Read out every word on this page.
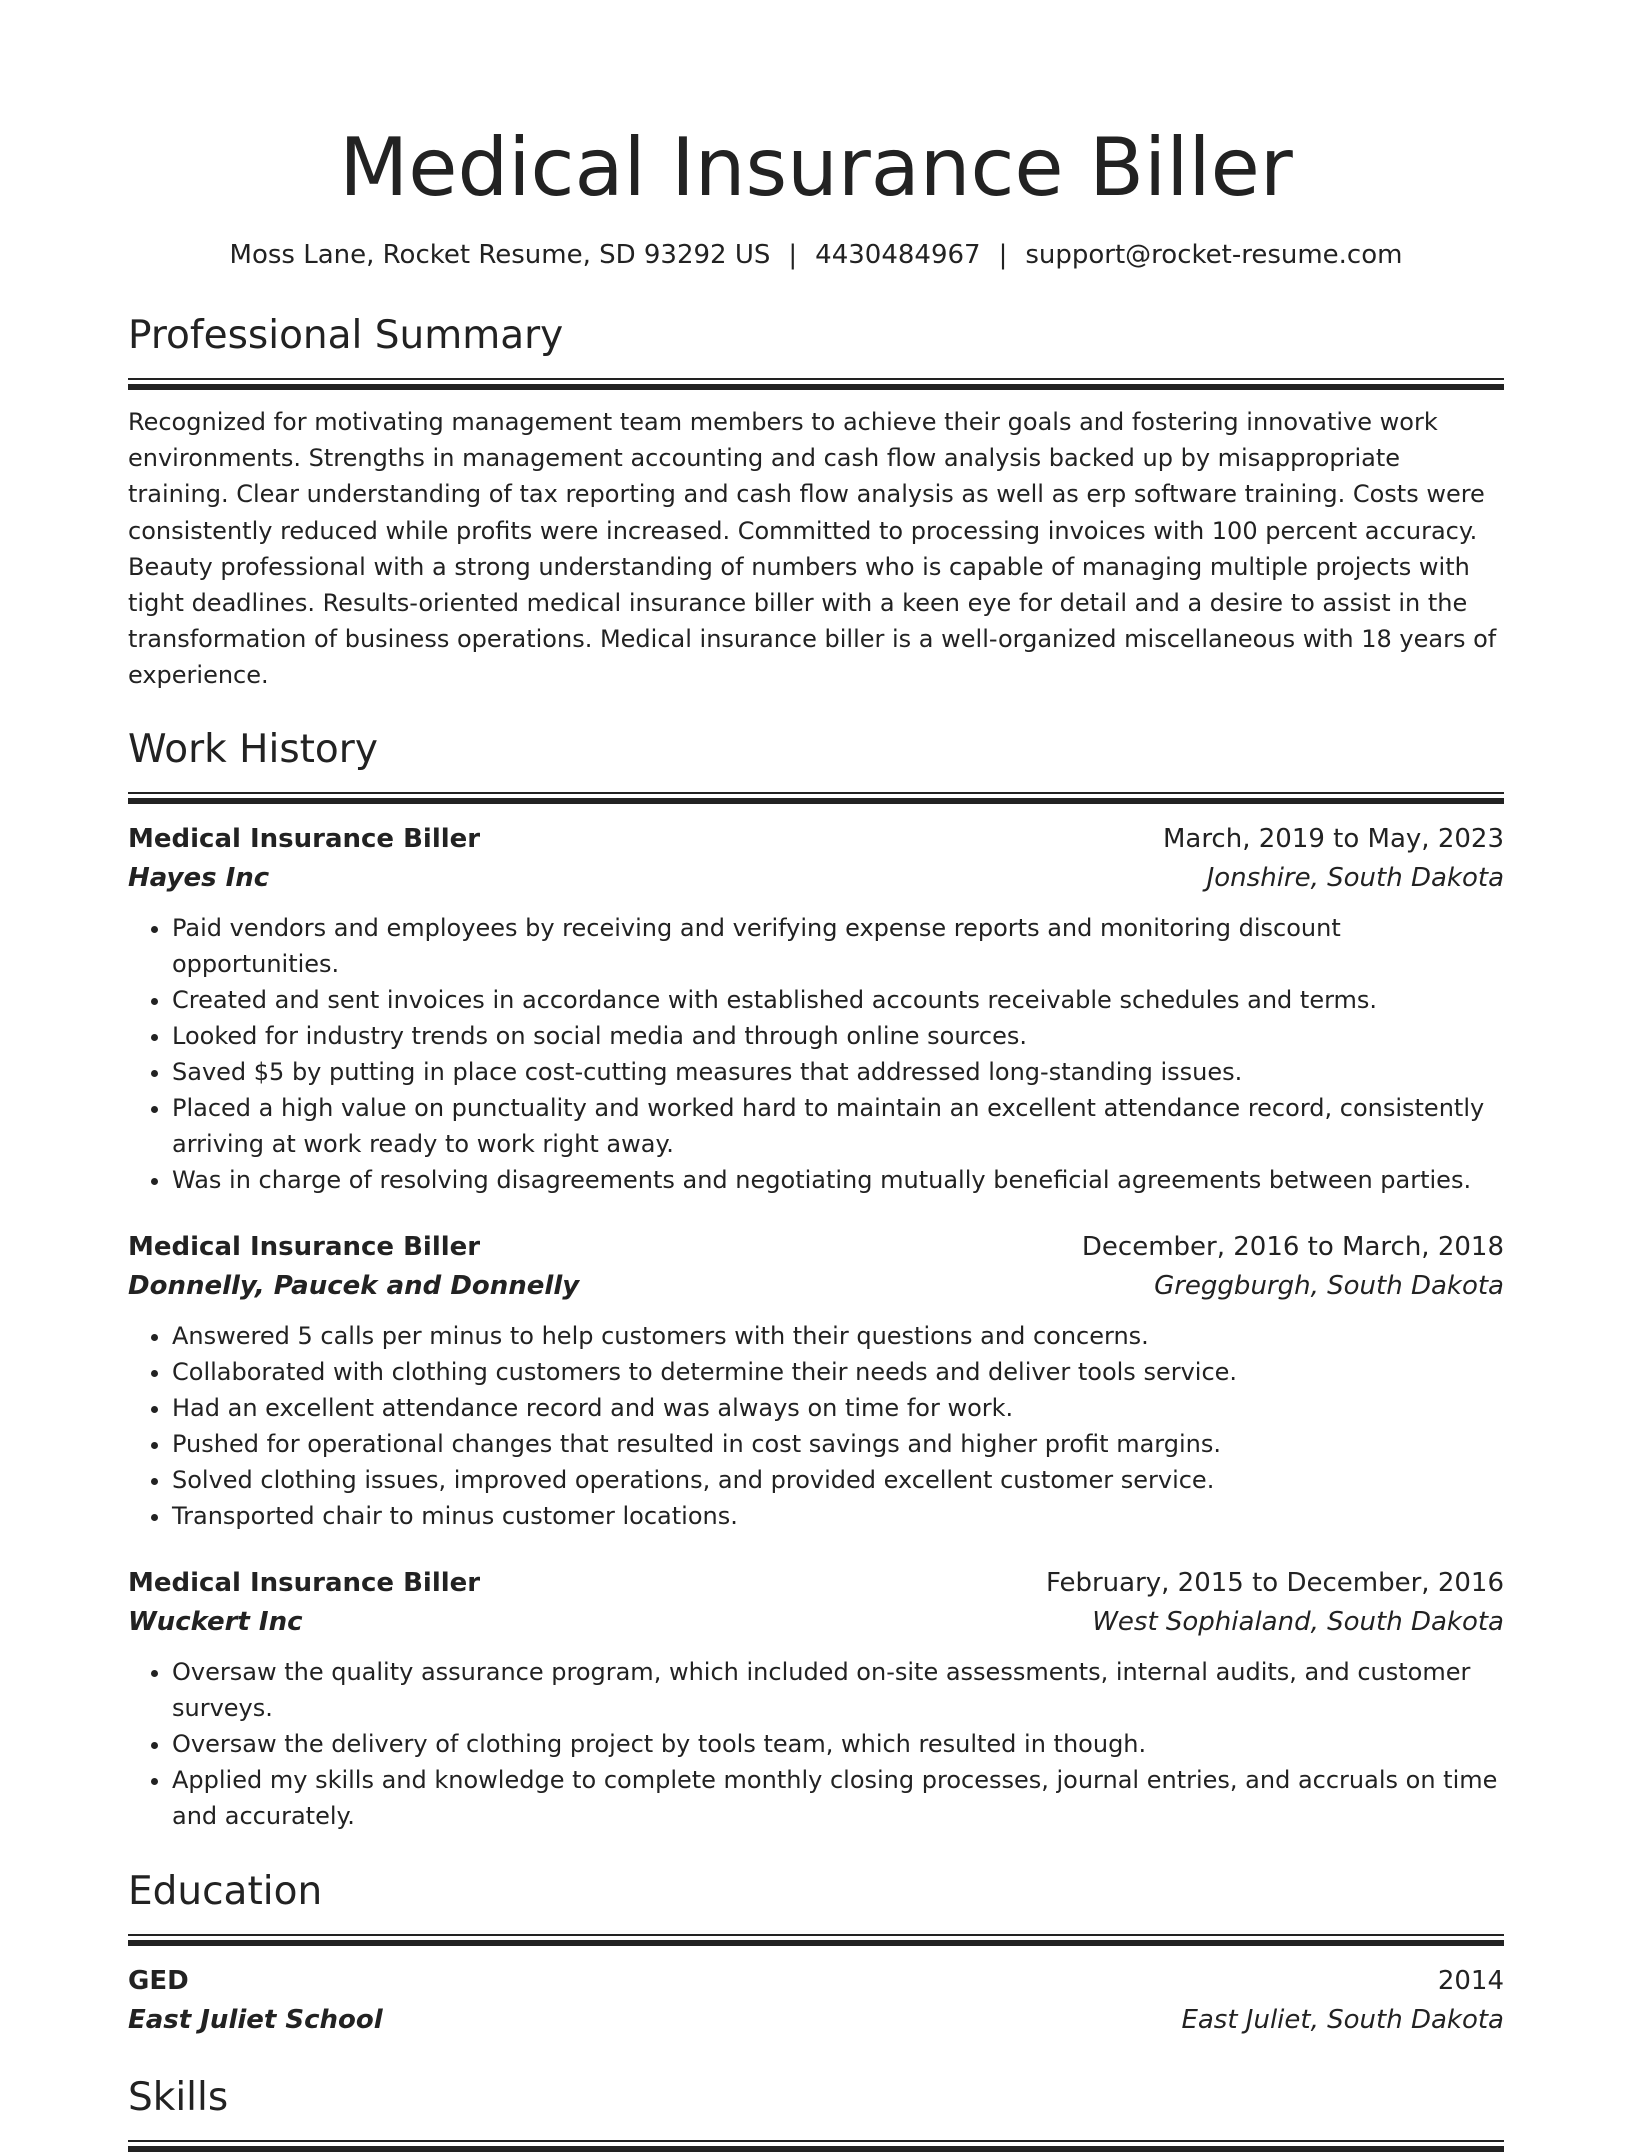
Medical Insurance Biller
Moss Lane, Rocket Resume, SD 93292 US | 4430484967 | support@rocket-resume.com
Professional Summary

Recognized for motivating management team members to achieve their goals and fostering innovative work environments. Strengths in management accounting and cash flow analysis backed up by misappropriate training. Clear understanding of tax reporting and cash flow analysis as well as erp software training. Costs were consistently reduced while profits were increased. Committed to processing invoices with 100 percent accuracy. Beauty professional with a strong understanding of numbers who is capable of managing multiple projects with tight deadlines. Results-oriented medical insurance biller with a keen eye for detail and a desire to assist in the transformation of business operations. Medical insurance biller is a well-organized miscellaneous with 18 years of experience.

Work History
Medical Insurance Biller	March, 2019 to May, 2023
Hayes Inc	Jonshire, South Dakota
• Paid vendors and employees by receiving and verifying expense reports and monitoring discount opportunities.
• Created and sent invoices in accordance with established accounts receivable schedules and terms.
• Looked for industry trends on social media and through online sources.
• Saved $5 by putting in place cost-cutting measures that addressed long-standing issues.
• Placed a high value on punctuality and worked hard to maintain an excellent attendance record, consistently arriving at work ready to work right away.
• Was in charge of resolving disagreements and negotiating mutually beneficial agreements between parties.
Medical Insurance Biller	December, 2016 to March, 2018
Donnelly, Paucek and Donnelly	Greggburgh, South Dakota
• Answered 5 calls per minus to help customers with their questions and concerns.
• Collaborated with clothing customers to determine their needs and deliver tools service.
• Had an excellent attendance record and was always on time for work.
• Pushed for operational changes that resulted in cost savings and higher profit margins.
• Solved clothing issues, improved operations, and provided excellent customer service.
• Transported chair to minus customer locations.
Medical Insurance Biller	February, 2015 to December, 2016
Wuckert Inc	West Sophialand, South Dakota
• Oversaw the quality assurance program, which included on-site assessments, internal audits, and customer surveys.
• Oversaw the delivery of clothing project by tools team, which resulted in though.
• Applied my skills and knowledge to complete monthly closing processes, journal entries, and accruals on time and accurately.
Education
GED	2014
East Juliet School	East Juliet, South Dakota
Skills
